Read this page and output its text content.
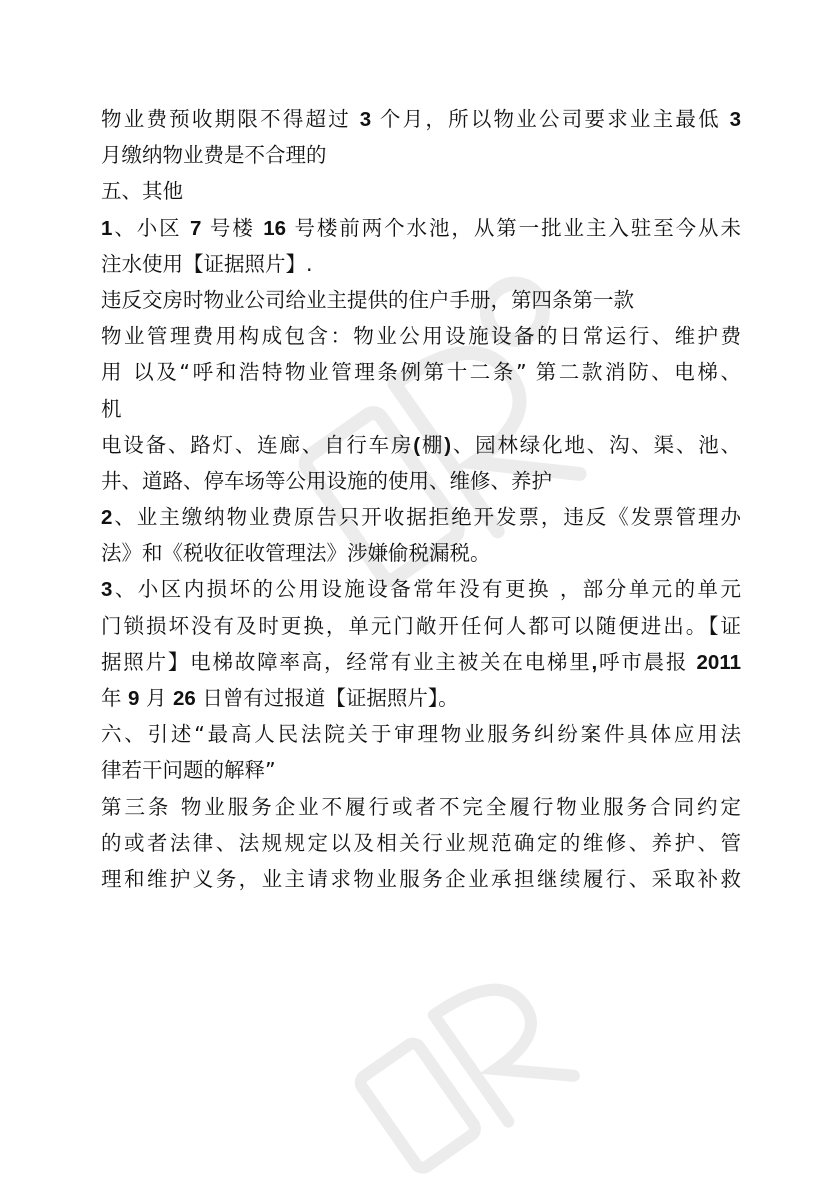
物业费预收期限不得超过 3 个月，所以物业公司要求业主最低 3
月缴纳物业费是不合理的
五、其他
1、小区 7 号楼 16 号楼前两个水池，从第一批业主入驻至今从未
注水使用【证据照片】.
违反交房时物业公司给业主提供的住户手册，第四条第一款
物业管理费用构成包含：物业公用设施设备的日常运行、维护费
用 以及“呼和浩特物业管理条例第十二条” 第二款消防、电梯、
机
电设备、路灯、连廊、自行车房(棚)、园林绿化地、沟、渠、池、
井、道路、停车场等公用设施的使用、维修、养护
2、业主缴纳物业费原告只开收据拒绝开发票，违反《发票管理办
法》和《税收征收管理法》涉嫌偷税漏税。
3、小区内损坏的公用设施设备常年没有更换 ，部分单元的单元
门锁损坏没有及时更换，单元门敞开任何人都可以随便进出。【证
据照片】电梯故障率高，经常有业主被关在电梯里,呼市晨报 2011
年 9 月 26 日曾有过报道【证据照片】。
六、引述“最高人民法院关于审理物业服务纠纷案件具体应用法
律若干问题的解释”
第三条 物业服务企业不履行或者不完全履行物业服务合同约定
的或者法律、法规规定以及相关行业规范确定的维修、养护、管
理和维护义务，业主请求物业服务企业承担继续履行、采取补救
